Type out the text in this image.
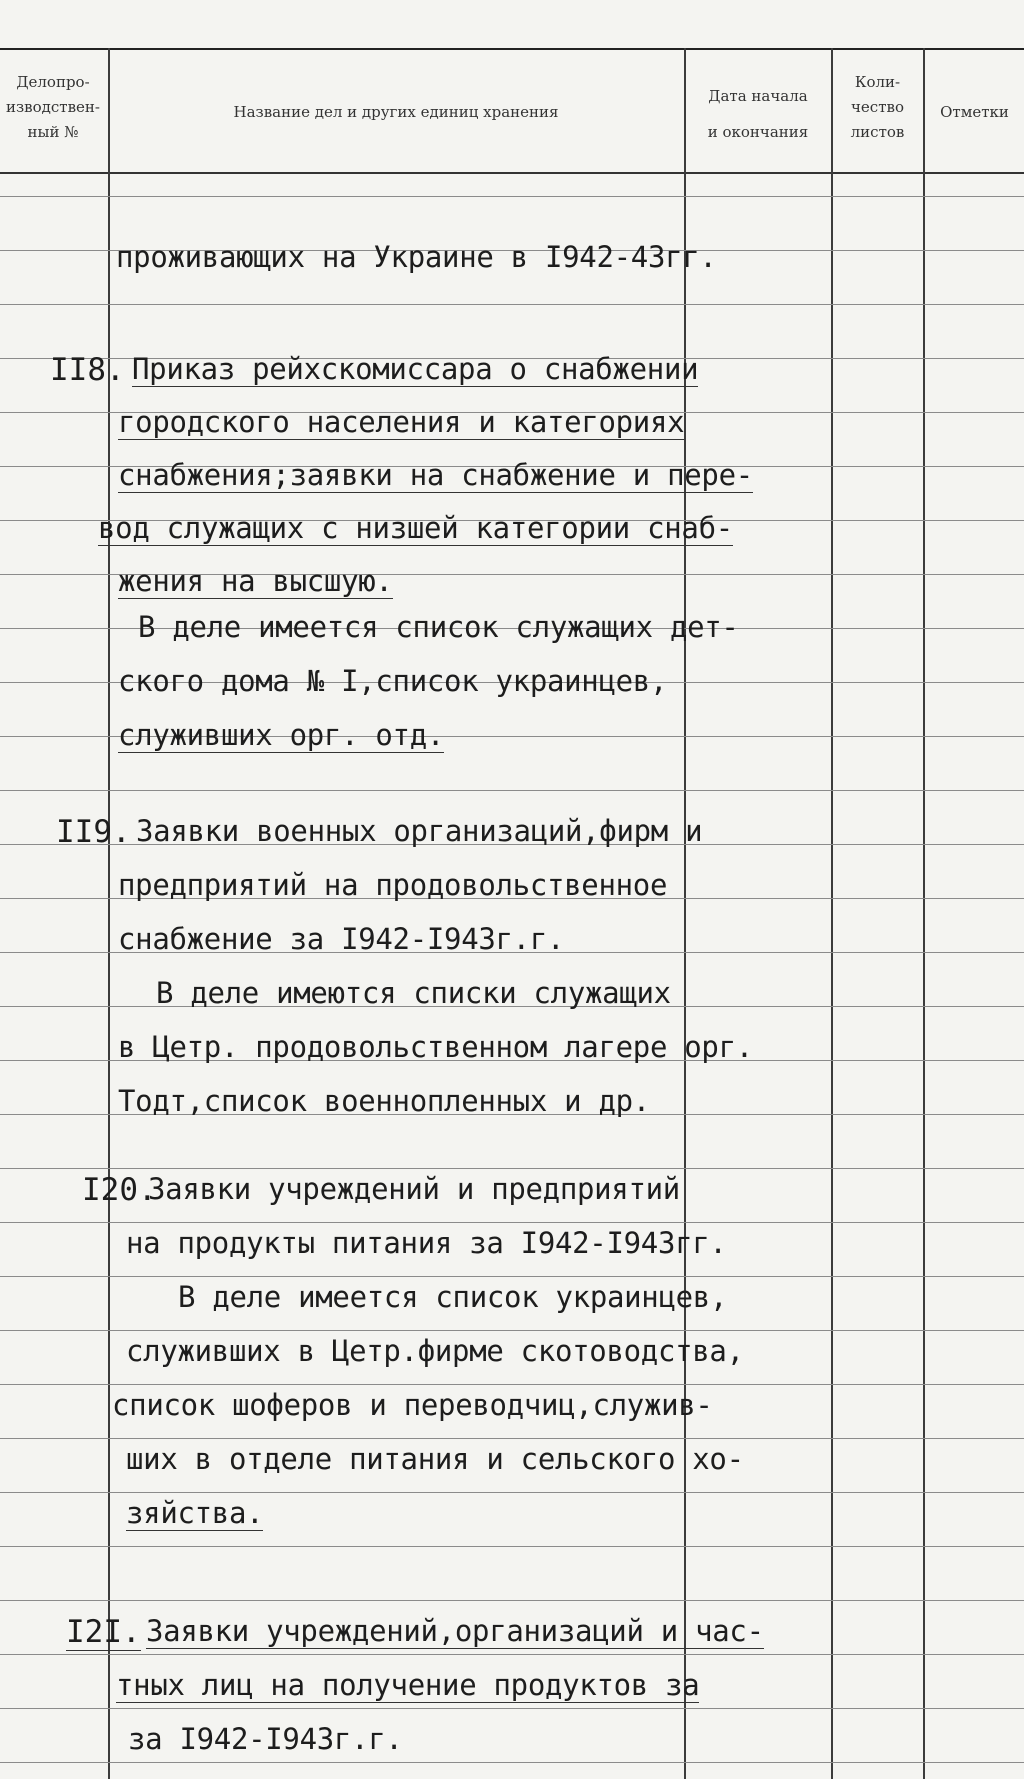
Делопро-
изводствен-
ный №
Название дел и других единиц хранения
Дата начала
и окончания
Коли-
чество
листов
Отметки
проживающих на Украине в I942-43гг.
II8. Приказ рейхскомиссара о снабжении
городского населения и категориях
снабжения;заявки на снабжение и пере-
вод служащих с низшей категории снаб-
жения на высшую.
В деле имеется список служащих дет-
ского дома № I,список украинцев,
служивших орг. отд.
II9. Заявки военных организаций,фирм и
предприятий на продовольственное
снабжение за I942-I943г.г.
В деле имеются списки служащих
в Цетр. продовольственном лагере орг.
Тодт,список военнопленных и др.
I20.
Заявки учреждений и предприятий
на продукты питания за I942-I943гг.
В деле имеется список украинцев,
служивших в Цетр.фирме скотоводства,
список шоферов и переводчиц,служив-
ших в отделе питания и сельского хо-
зяйства.
I2I. Заявки учреждений,организаций и час-
тных лиц на получение продуктов за
за I942-I943г.г.
